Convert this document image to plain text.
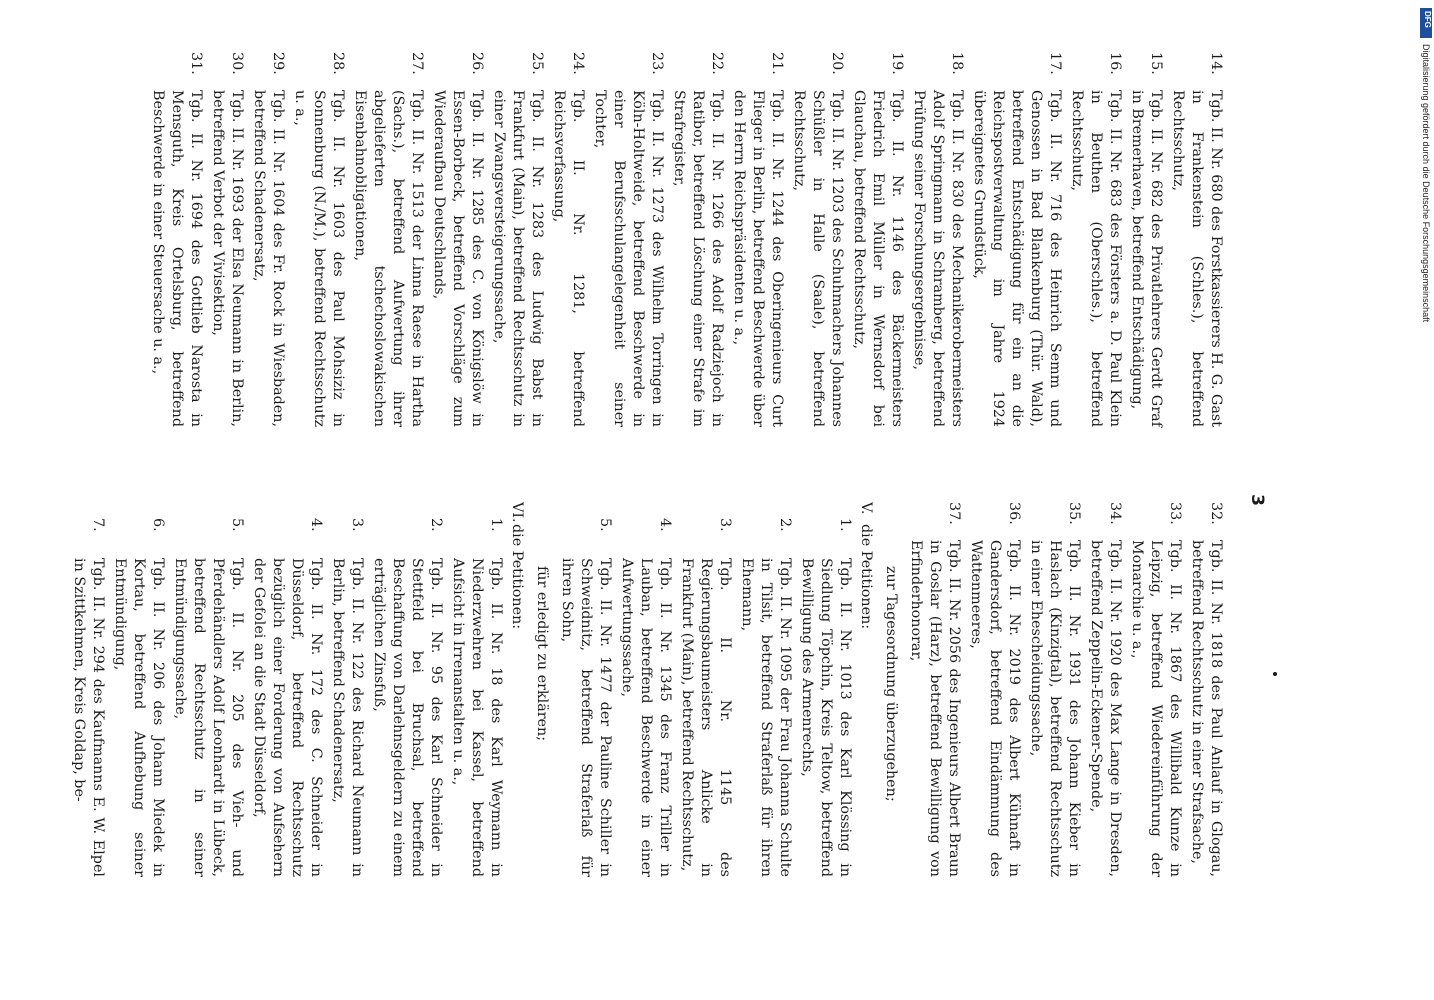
DFG
Digitalisierung gefördert durch die Deutsche Forschungsgemeinschaft
3
14.
Tgb. II. Nr. 680 des Forstkassierers H. G. Gast in Frankenstein (Schles.), betreffend Rechtsschutz,
15.
Tgb. II. Nr. 682 des Privatlehrers Gerdt Graf in Bremerhaven, betreffend Entschädigung,
16.
Tgb. II. Nr. 683 des Försters a. D. Paul Klein in Beuthen (Oberschles.), betreffend Rechtsschutz,
17.
Tgb. II. Nr. 716 des Heinrich Semm und Genossen in Bad Blankenburg (Thür. Wald), betreffend Entschädigung für ein an die Reichspostverwaltung im Jahre 1924 übereignetes Grundstück,
18.
Tgb. II. Nr. 830 des Mechanikerobermeisters Adolf Springmann in Schramberg, betreffend Prüfung seiner Forschungsergebnisse,
19.
Tgb. II. Nr. 1146 des Bäckermeisters Friedrich Emil Müller in Wernsdorf bei Glauchau, betreffend Rechtsschutz,
20.
Tgb. II. Nr. 1203 des Schuhmachers Johannes Schüßler in Halle (Saale), betreffend Rechtsschutz,
21.
Tgb. II. Nr. 1244 des Oberingenieurs Curt Flieger in Berlin, betreffend Beschwerde über den Herrn Reichspräsidenten u. a.,
22.
Tgb. II. Nr. 1266 des Adolf Radziejoch in Ratibor, betreffend Löschung einer Strafe im Strafregister,
23.
Tgb. II. Nr. 1273 des Wilhelm Torringen in Köln-Holtweide, betreffend Beschwerde in einer Berufsschulangelegenheit seiner Tochter,
24.
Tgb. II. Nr. 1281, betreffend Reichsverfassung,
25.
Tgb. II. Nr. 1283 des Ludwig Babst in Frankfurt (Main), betreffend Rechtsschutz in einer Zwangsversteigerungssache,
26.
Tgb. II. Nr. 1285 des C. von Königslöw in Essen-Borbeck, betreffend Vorschläge zum Wiederaufbau Deutschlands,
27.
Tgb. II. Nr. 1513 der Linna Raese in Hartha (Sachs.), betreffend Aufwertung ihrer abgelieferten tschechoslowakischen Eisenbahnobligationen,
28.
Tgb. II. Nr. 1603 des Paul Mohsiziz in Sonnenburg (N./M.), betreffend Rechtsschutz u. a.,
29.
Tgb. II. Nr. 1604 des Fr. Rock in Wiesbaden, betreffend Schadenersatz,
30.
Tgb. II. Nr. 1693 der Elsa Neumann in Berlin, betreffend Verbot der Vivisektion,
31.
Tgb. II. Nr. 1694 des Gottlieb Narosta in Mensguth, Kreis Ortelsburg, betreffend Beschwerde in einer Steuersache u. a.,
32.
Tgb. II. Nr. 1818 des Paul Anlauf in Glogau, betreffend Rechtsschutz in einer Strafsache,
33.
Tgb. II. Nr. 1867 des Willibald Kunze in Leipzig, betreffend Wiedereinführung der Monarchie u. a.,
34.
Tgb. II. Nr. 1920 des Max Lange in Dresden, betreffend Zeppelin-Eckener-Spende,
35.
Tgb. II. Nr. 1931 des Johann Kieber in Haslach (Kinzigtal), betreffend Rechtsschutz in einer Ehescheidungssache,
36.
Tgb. II. Nr. 2019 des Albert Kühnaft in Gandersdorf, betreffend Eindämmung des Wattenmeeres,
37.
Tgb. II. Nr. 2056 des Ingenieurs Albert Braun in Goslar (Harz), betreffend Bewilligung von Erfinderhonorar,
zur Tagesordnung überzugehen;
V.
die Petitionen:
1.
Tgb. II. Nr. 1013 des Karl Klössing in Siedlung Töpchin, Kreis Teltow, betreffend Bewilligung des Armenrechts,
2.
Tgb. II. Nr. 1095 der Frau Johanna Schulte in Tilsit, betreffend Straferlaß für ihren Ehemann,
3.
Tgb. II. Nr. 1145 des Regierungsbaumeisters Anlicke in Frankfurt (Main), betreffend Rechtsschutz,
4.
Tgb. II. Nr. 1345 des Franz Triller in Lauban, betreffend Beschwerde in einer Aufwertungssache,
5.
Tgb. II. Nr. 1477 der Pauline Schiller in Schweidnitz, betreffend Straferlaß für ihren Sohn,
für erledigt zu erklären;
VI.
die Petitionen:
1.
Tgb. II. Nr. 18 des Karl Weymann in Niederzwehren bei Kassel, betreffend Aufsicht in Irrenanstalten u. a.,
2.
Tgb. II. Nr. 95 des Karl Schneider in Stettfeld bei Bruchsal, betreffend Beschaffung von Darlehnsgeldern zu einem erträglichen Zinsfuß,
3.
Tgb. II. Nr. 122 des Richard Neumann in Berlin, betreffend Schadenersatz,
4.
Tgb. II. Nr. 172 des C. Schneider in Düsseldorf, betreffend Rechtsschutz bezüglich einer Forderung von Aufsehern der Gefolei an die Stadt Düsseldorf,
5.
Tgb. II. Nr. 205 des Vieh- und Pferdehändlers Adolf Leonhardt in Lübeck, betreffend Rechtsschutz in seiner Entmündigungssache,
6.
Tgb. II. Nr. 206 des Johann Miedek in Kortau, betreffend Aufhebung seiner Entmündigung,
7.
Tgb. II. Nr. 294 des Kaufmanns E. W. Elpel in Szittkehmen, Kreis Goldap, be-
